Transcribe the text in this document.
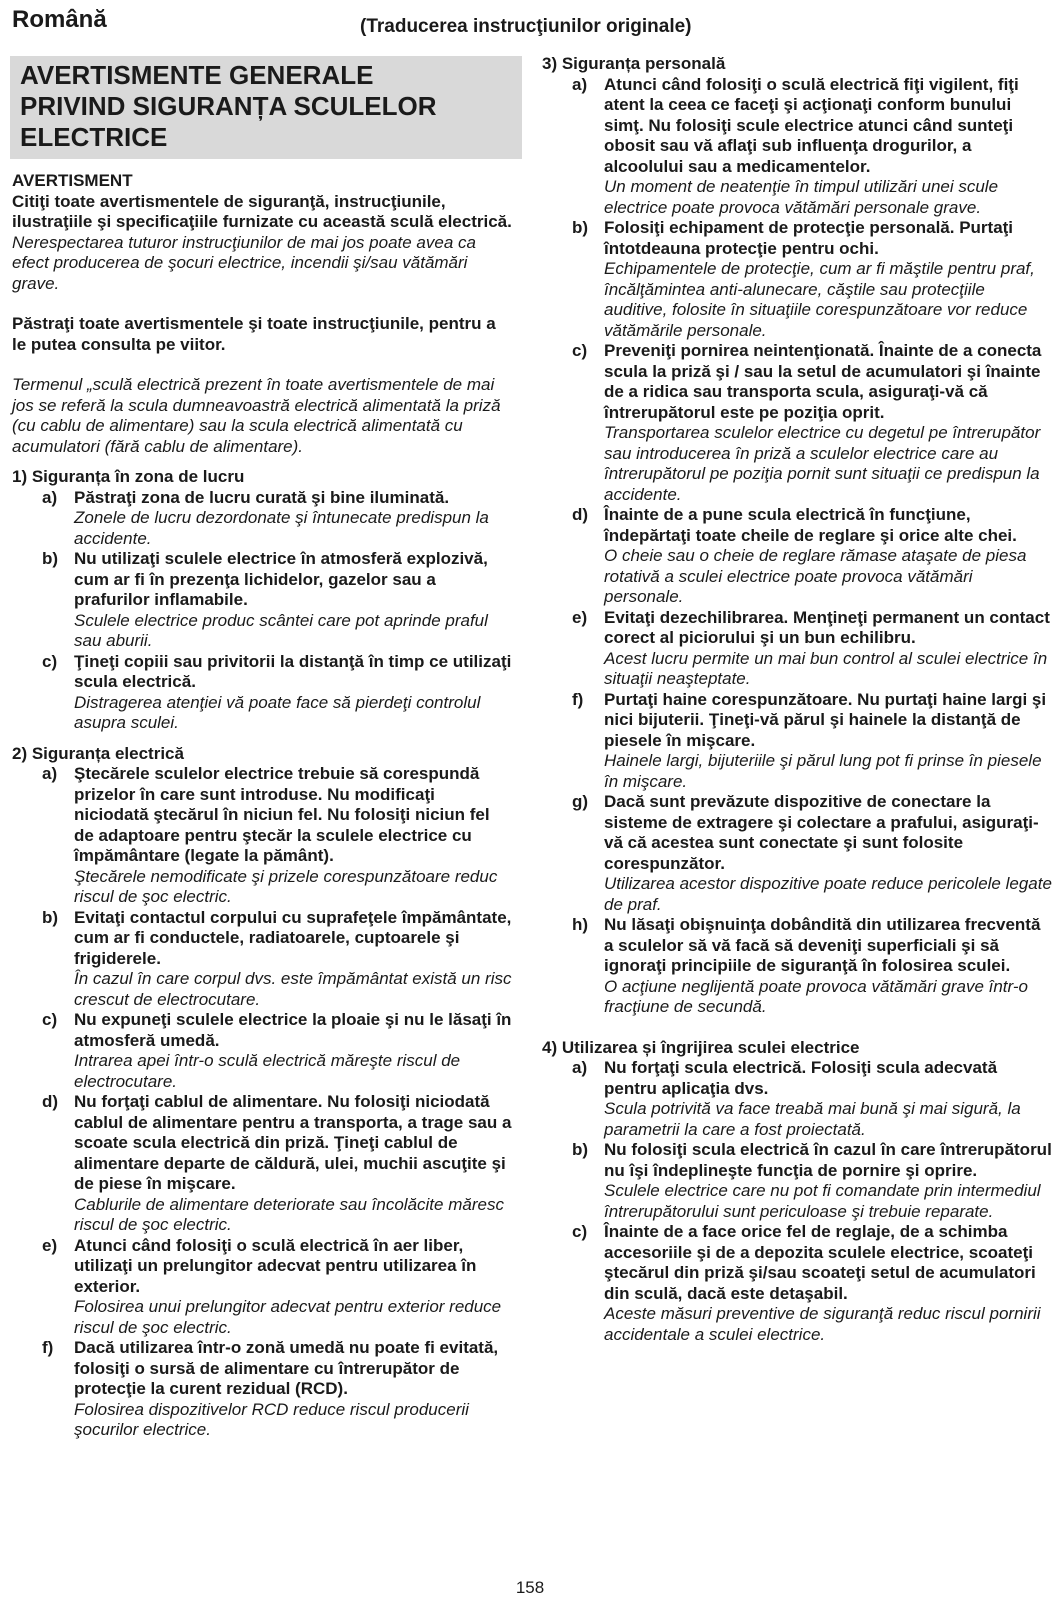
Română	(Traducerea instrucţiunilor originale)
AVERTISMENTE GENERALE
PRIVIND SIGURANȚA SCULELOR
ELECTRICE
AVERTISMENT
Citiţi toate avertismentele de siguranţă, instrucţiunile, ilustraţiile şi specificaţiile furnizate cu această sculă electrică.
Nerespectarea tuturor instrucţiunilor de mai jos poate avea ca efect producerea de şocuri electrice, incendii şi/sau vătămări grave.
Păstraţi toate avertismentele şi toate instrucţiunile, pentru a le putea consulta pe viitor.
Termenul „sculă electrică prezent în toate avertismentele de mai jos se referă la scula dumneavoastră electrică alimentată la priză (cu cablu de alimentare) sau la scula electrică alimentată cu acumulatori (fără cablu de alimentare).
1) Siguranța în zona de lucru
a) Păstraţi zona de lucru curată şi bine iluminată.
Zonele de lucru dezordonate şi întunecate predispun la accidente.
b) Nu utilizaţi sculele electrice în atmosferă explozivă, cum ar fi în prezenţa lichidelor, gazelor sau a prafurilor inflamabile.
Sculele electrice produc scântei care pot aprinde praful sau aburii.
c) Ţineţi copiii sau privitorii la distanţă în timp ce utilizaţi scula electrică.
Distragerea atenţiei vă poate face să pierdeţi controlul asupra sculei.
2) Siguranța electrică
a) Ştecărele sculelor electrice trebuie să corespundă prizelor în care sunt introduse. Nu modificaţi niciodată ştecărul în niciun fel. Nu folosiţi niciun fel de adaptoare pentru ştecăr la sculele electrice cu împământare (legate la pământ).
Ştecărele nemodificate şi prizele corespunzătoare reduc riscul de şoc electric.
b) Evitaţi contactul corpului cu suprafeţele împământate, cum ar fi conductele, radiatoarele, cuptoarele şi frigiderele.
În cazul în care corpul dvs. este împământat există un risc crescut de electrocutare.
c) Nu expuneţi sculele electrice la ploaie şi nu le lăsaţi în atmosferă umedă.
Intrarea apei într-o sculă electrică măreşte riscul de electrocutare.
d) Nu forţaţi cablul de alimentare. Nu folosiţi niciodată cablul de alimentare pentru a transporta, a trage sau a scoate scula electrică din priză. Ţineţi cablul de alimentare departe de căldură, ulei, muchii ascuţite şi de piese în mişcare.
Cablurile de alimentare deteriorate sau încolăcite măresc riscul de şoc electric.
e) Atunci când folosiţi o sculă electrică în aer liber, utilizaţi un prelungitor adecvat pentru utilizarea în exterior.
Folosirea unui prelungitor adecvat pentru exterior reduce riscul de şoc electric.
f) Dacă utilizarea într-o zonă umedă nu poate fi evitată, folosiţi o sursă de alimentare cu întrerupător de protecţie la curent rezidual (RCD).
Folosirea dispozitivelor RCD reduce riscul producerii şocurilor electrice.
3) Siguranța personală
a) Atunci când folosiţi o sculă electrică fiţi vigilent, fiţi atent la ceea ce faceţi şi acţionaţi conform bunului simţ. Nu folosiţi scule electrice atunci când sunteţi obosit sau vă aflaţi sub influenţa drogurilor, a alcoolului sau a medicamentelor.
Un moment de neatenţie în timpul utilizări unei scule electrice poate provoca vătămări personale grave.
b) Folosiţi echipament de protecţie personală. Purtaţi întotdeauna protecţie pentru ochi.
Echipamentele de protecţie, cum ar fi măştile pentru praf, încălţămintea anti-alunecare, căştile sau protecţiile auditive, folosite în situaţiile corespunzătoare vor reduce vătămările personale.
c) Preveniţi pornirea neintenţionată. Înainte de a conecta scula la priză şi / sau la setul de acumulatori şi înainte de a ridica sau transporta scula, asiguraţi-vă că întrerupătorul este pe poziţia oprit.
Transportarea sculelor electrice cu degetul pe întrerupător sau introducerea în priză a sculelor electrice care au întrerupătorul pe poziţia pornit sunt situaţii ce predispun la accidente.
d) Înainte de a pune scula electrică în funcţiune, îndepărtaţi toate cheile de reglare şi orice alte chei.
O cheie sau o cheie de reglare rămase ataşate de piesa rotativă a sculei electrice poate provoca vătămări personale.
e) Evitaţi dezechilibrarea. Menţineţi permanent un contact corect al piciorului şi un bun echilibru.
Acest lucru permite un mai bun control al sculei electrice în situaţii neaşteptate.
f) Purtaţi haine corespunzătoare. Nu purtaţi haine largi şi nici bijuterii. Ţineţi-vă părul şi hainele la distanţă de piesele în mişcare.
Hainele largi, bijuteriile şi părul lung pot fi prinse în piesele în mişcare.
g) Dacă sunt prevăzute dispozitive de conectare la sisteme de extragere şi colectare a prafului, asiguraţi-vă că acestea sunt conectate şi sunt folosite corespunzător.
Utilizarea acestor dispozitive poate reduce pericolele legate de praf.
h) Nu lăsaţi obişnuinţa dobândită din utilizarea frecventă a sculelor să vă facă să deveniţi superficiali şi să ignoraţi principiile de siguranţă în folosirea sculei.
O acţiune neglijentă poate provoca vătămări grave într-o fracţiune de secundă.
4) Utilizarea și îngrijirea sculei electrice
a) Nu forţaţi scula electrică. Folosiţi scula adecvată pentru aplicaţia dvs.
Scula potrivită va face treabă mai bună şi mai sigură, la parametrii la care a fost proiectată.
b) Nu folosiţi scula electrică în cazul în care întrerupătorul nu îşi îndeplineşte funcţia de pornire şi oprire.
Sculele electrice care nu pot fi comandate prin intermediul întrerupătorului sunt periculoase şi trebuie reparate.
c) Înainte de a face orice fel de reglaje, de a schimba accesoriile şi de a depozita sculele electrice, scoateţi ştecărul din priză şi/sau scoateţi setul de acumulatori din sculă, dacă este detaşabil.
Aceste măsuri preventive de siguranţă reduc riscul pornirii accidentale a sculei electrice.
158
